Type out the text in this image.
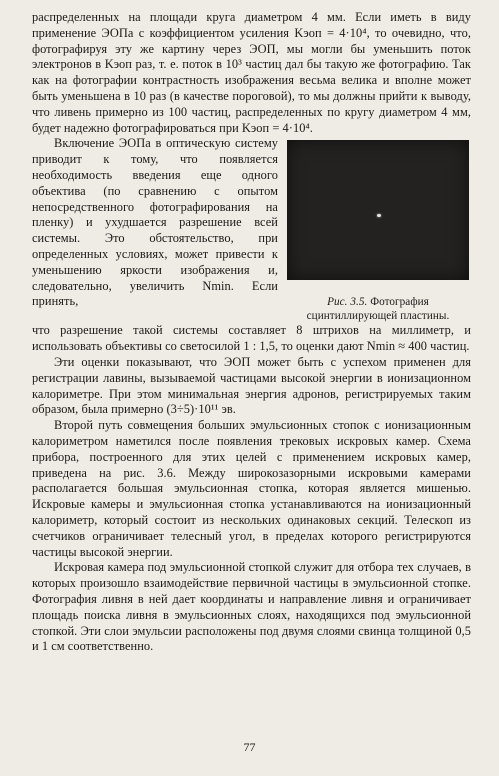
распределенных на площади круга диаметром 4 мм. Если иметь в виду применение ЭОПа с коэффициентом усиления Kэоп = 4·10⁴, то очевидно, что, фотографируя эту же картину через ЭОП, мы могли бы уменьшить поток электронов в Kэоп раз, т. е. поток в 10³ частиц дал бы такую же фотографию. Так как на фотографии контрастность изображения весьма велика и вполне может быть уменьшена в 10 раз (в качестве пороговой), то мы должны прийти к выводу, что ливень примерно из 100 частиц, распределенных по кругу диаметром 4 мм, будет надежно фотографироваться при Kэоп = 4·10⁴.

Включение ЭОПа в оптическую систему приводит к тому, что появляется необходимость введения еще одного объектива (по сравнению с опытом непосредственного фотографирования на пленку) и ухудшается разрешение всей системы. Это обстоятельство, при определенных условиях, может привести к уменьшению яркости изображения и, следовательно, увеличить Nmin. Если принять,	Рис. 3.5. Фотография сцинтиллирующей пластины.

что разрешение такой системы составляет 8 штрихов на миллиметр, и использовать объективы со светосилой 1 : 1,5, то оценки дают Nmin ≈ 400 частиц.

Эти оценки показывают, что ЭОП может быть с успехом применен для регистрации лавины, вызываемой частицами высокой энергии в ионизационном калориметре. При этом минимальная энергия адронов, регистрируемых таким образом, была примерно (3÷5)·10¹¹ эв.

Второй путь совмещения больших эмульсионных стопок с ионизационным калориметром наметился после появления трековых искровых камер. Схема прибора, построенного для этих целей с применением искровых камер, приведена на рис. 3.6. Между широкозазорными искровыми камерами располагается большая эмульсионная стопка, которая является мишенью. Искровые камеры и эмульсионная стопка устанавливаются на ионизационный калориметр, который состоит из нескольких одинаковых секций. Телескоп из счетчиков ограничивает телесный угол, в пределах которого регистрируются частицы высокой энергии.

Искровая камера под эмульсионной стопкой служит для отбора тех случаев, в которых произошло взаимодействие первичной частицы в эмульсионной стопке. Фотография ливня в ней дает координаты и направление ливня и ограничивает площадь поиска ливня в эмульсионных слоях, находящихся под эмульсионной стопкой. Эти слои эмульсии расположены под двумя слоями свинца толщиной 0,5 и 1 см соответственно.

77
